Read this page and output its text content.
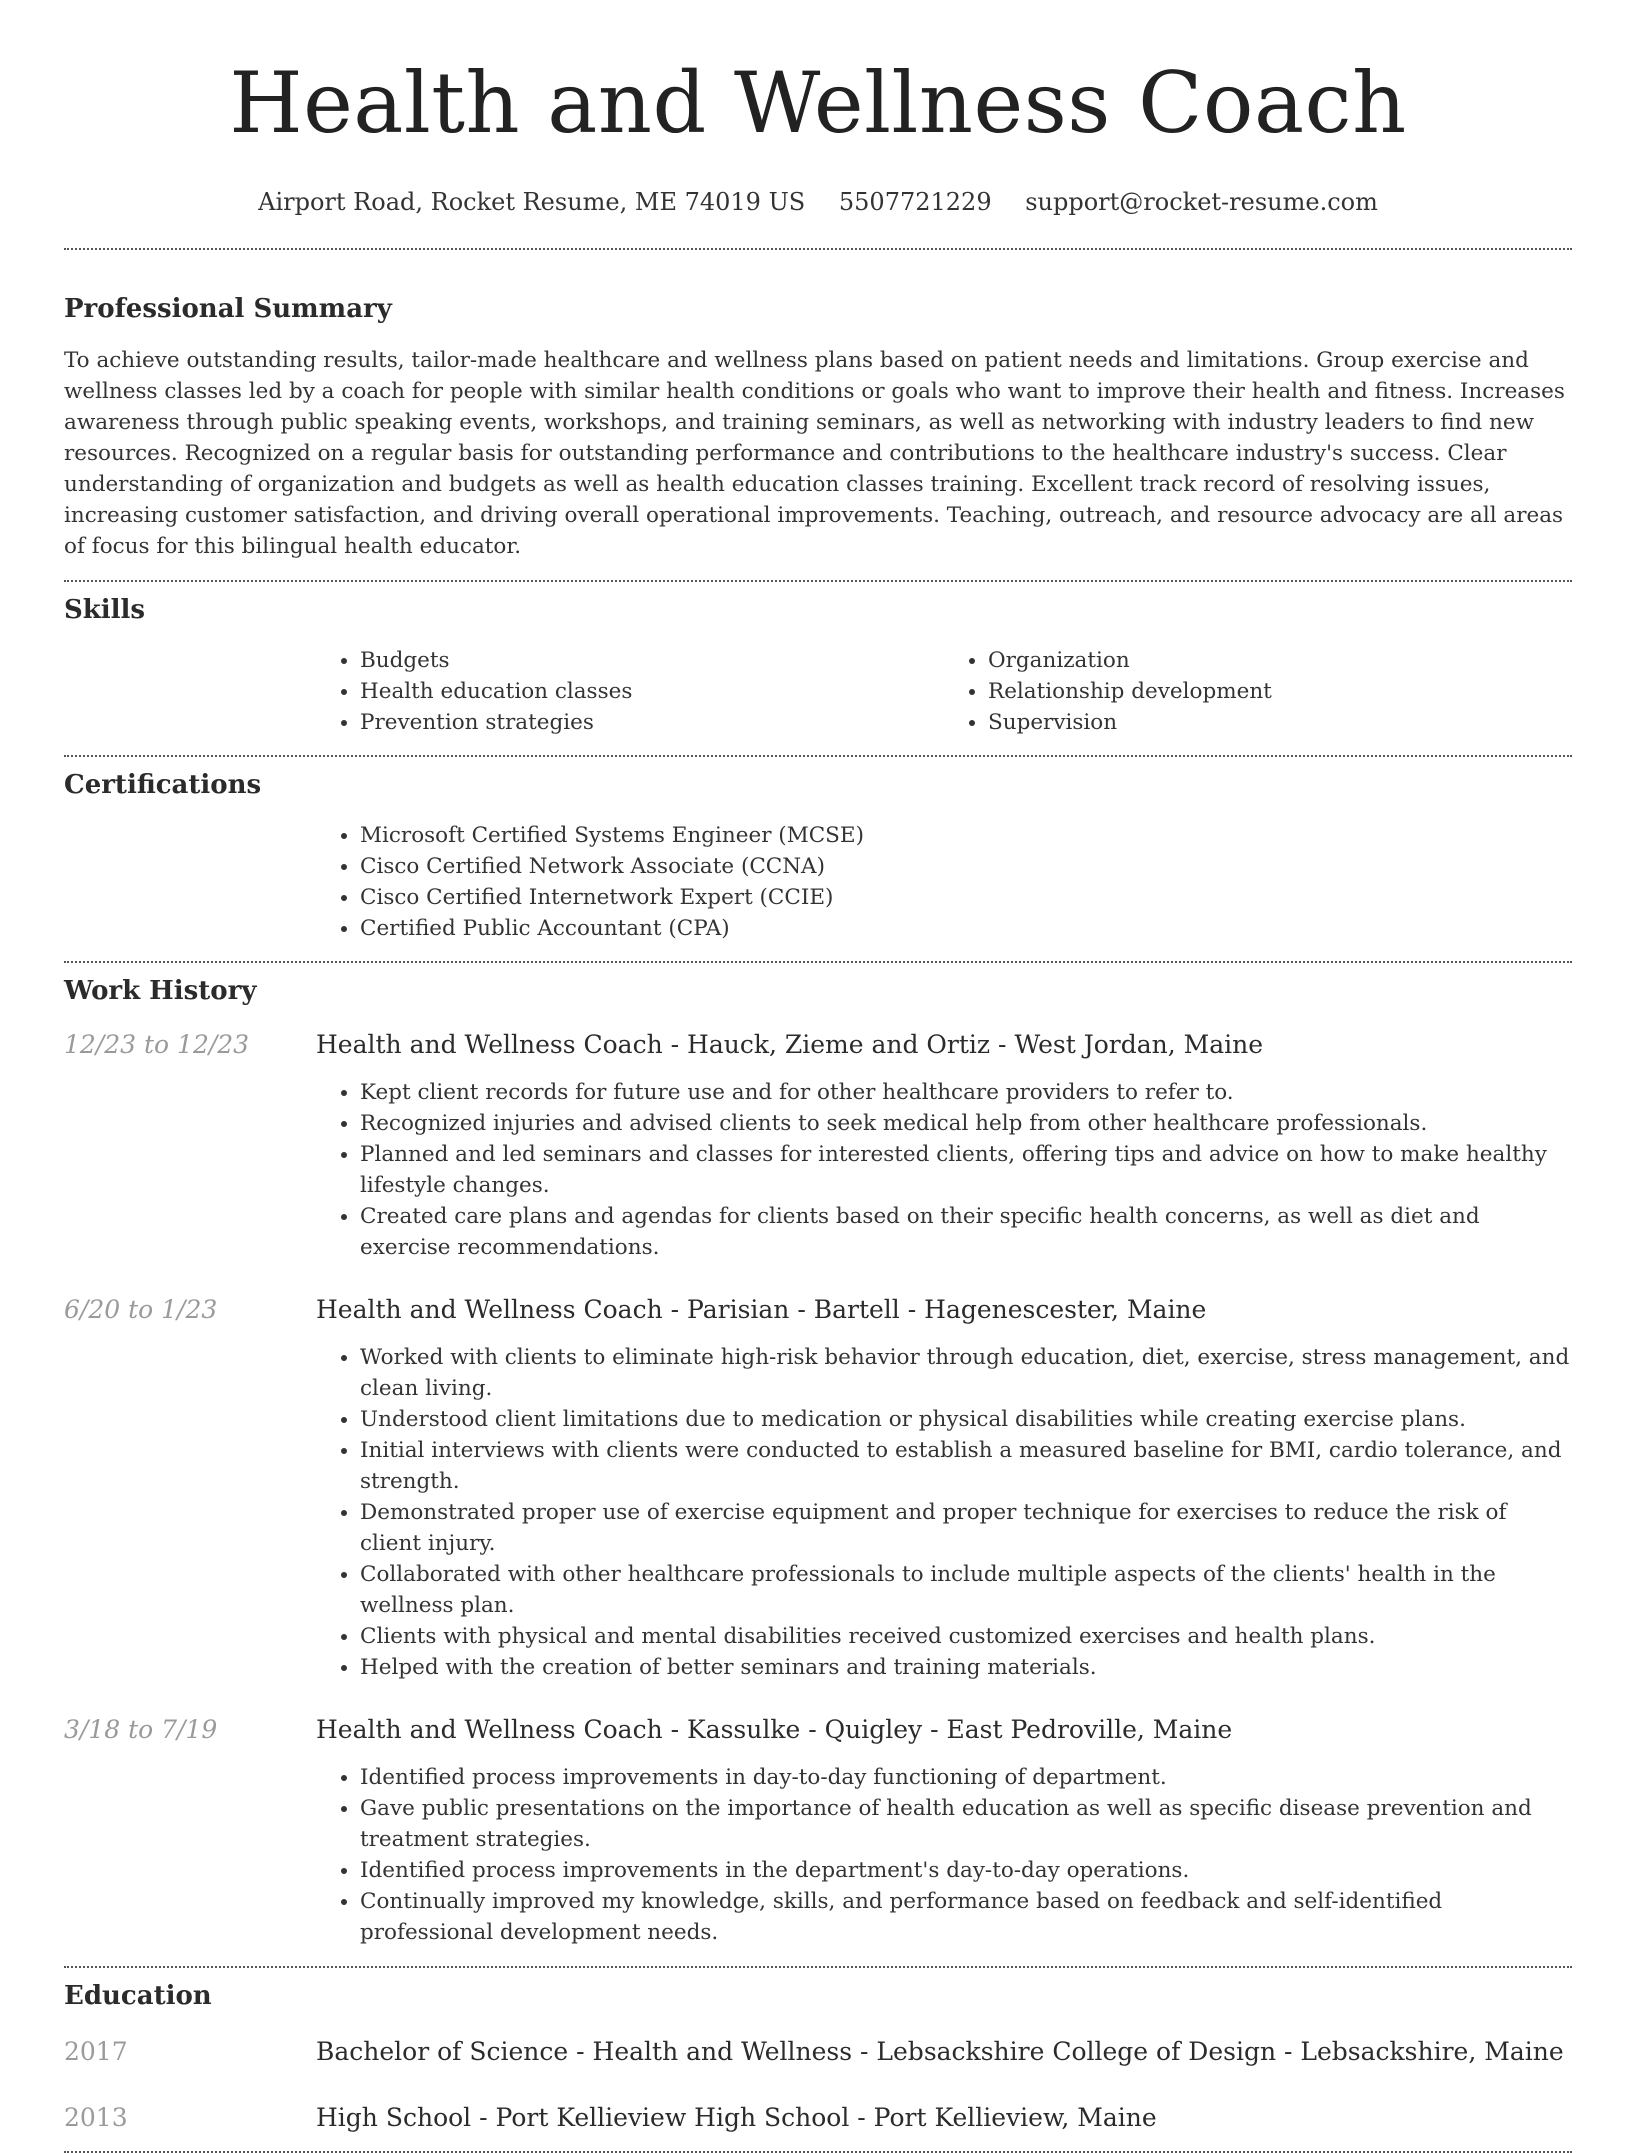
Health and Wellness Coach
Airport Road, Rocket Resume, ME 74019 US 5507721229 support@rocket-resume.com
Professional Summary

To achieve outstanding results, tailor-made healthcare and wellness plans based on patient needs and limitations. Group exercise and wellness classes led by a coach for people with similar health conditions or goals who want to improve their health and fitness. Increases awareness through public speaking events, workshops, and training seminars, as well as networking with industry leaders to find new resources. Recognized on a regular basis for outstanding performance and contributions to the healthcare industry's success. Clear understanding of organization and budgets as well as health education classes training. Excellent track record of resolving issues, increasing customer satisfaction, and driving overall operational improvements. Teaching, outreach, and resource advocacy are all areas of focus for this bilingual health educator.

Skills
• Budgets
• Health education classes
• Prevention strategies
• Organization
• Relationship development
• Supervision
Certifications
• Microsoft Certified Systems Engineer (MCSE)
• Cisco Certified Network Associate (CCNA)
• Cisco Certified Internetwork Expert (CCIE)
• Certified Public Accountant (CPA)
Work History
12/23 to 12/23	Health and Wellness Coach - Hauck, Zieme and Ortiz - West Jordan, Maine
• Kept client records for future use and for other healthcare providers to refer to.
• Recognized injuries and advised clients to seek medical help from other healthcare professionals.
• Planned and led seminars and classes for interested clients, offering tips and advice on how to make healthy lifestyle changes.
• Created care plans and agendas for clients based on their specific health concerns, as well as diet and exercise recommendations.
6/20 to 1/23	Health and Wellness Coach - Parisian - Bartell - Hagenescester, Maine
• Worked with clients to eliminate high-risk behavior through education, diet, exercise, stress management, and clean living.
• Understood client limitations due to medication or physical disabilities while creating exercise plans.
• Initial interviews with clients were conducted to establish a measured baseline for BMI, cardio tolerance, and strength.
• Demonstrated proper use of exercise equipment and proper technique for exercises to reduce the risk of client injury.
• Collaborated with other healthcare professionals to include multiple aspects of the clients' health in the wellness plan.
• Clients with physical and mental disabilities received customized exercises and health plans.
• Helped with the creation of better seminars and training materials.
3/18 to 7/19	Health and Wellness Coach - Kassulke - Quigley - East Pedroville, Maine
• Identified process improvements in day-to-day functioning of department.
• Gave public presentations on the importance of health education as well as specific disease prevention and treatment strategies.
• Identified process improvements in the department's day-to-day operations.
• Continually improved my knowledge, skills, and performance based on feedback and self-identified professional development needs.
Education
2017	Bachelor of Science - Health and Wellness - Lebsackshire College of Design - Lebsackshire, Maine
2013	High School - Port Kellieview High School - Port Kellieview, Maine
